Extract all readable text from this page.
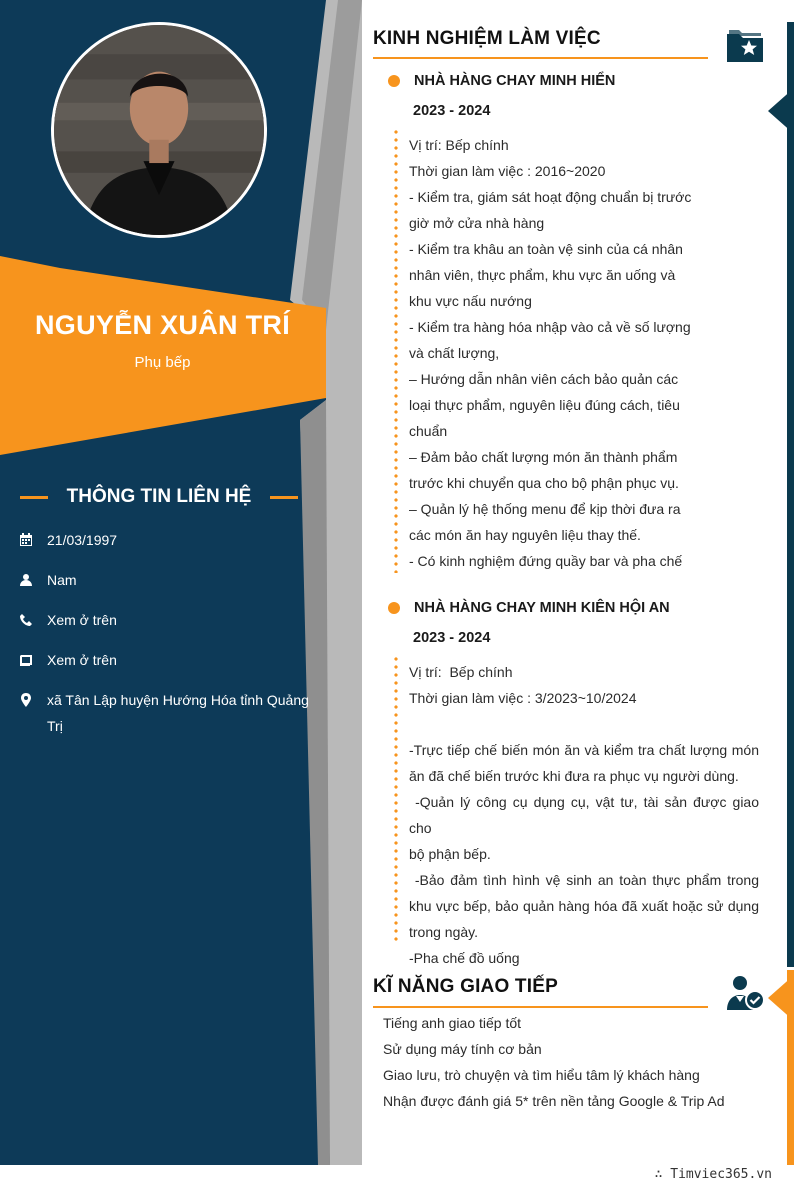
NGUYỄN XUÂN TRÍ
Phụ bếp
THÔNG TIN LIÊN HỆ
21/03/1997
Nam
Xem ở trên
Xem ở trên
xã Tân Lập huyện Hướng Hóa tỉnh Quảng Trị
KINH NGHIỆM LÀM VIỆC
NHÀ HÀNG CHAY MINH HIỂN
2023 - 2024

Vị trí: Bếp chính

Thời gian làm việc : 2016~2020

- Kiểm tra, giám sát hoạt động chuẩn bị trước

giờ mở cửa nhà hàng

- Kiểm tra khâu an toàn vệ sinh của cá nhân

nhân viên, thực phẩm, khu vực ăn uống và

khu vực nấu nướng

- Kiểm tra hàng hóa nhập vào cả về số lượng

và chất lượng,

– Hướng dẫn nhân viên cách bảo quản các

loại thực phẩm, nguyên liệu đúng cách, tiêu

chuẩn

– Đảm bảo chất lượng món ăn thành phẩm

trước khi chuyển qua cho bộ phận phục vụ.

– Quản lý hệ thống menu để kịp thời đưa ra

các món ăn hay nguyên liệu thay thế.

- Có kinh nghiệm đứng quầy bar và pha chế

NHÀ HÀNG CHAY MINH KIÊN HỘI AN
2023 - 2024

Vị trí:  Bếp chính

Thời gian làm việc : 3/2023~10/2024

-Trực tiếp chế biến món ăn và kiểm tra chất lượng món

ăn đã chế biến trước khi đưa ra phục vụ người dùng.

-Quản lý công cụ dụng cụ, vật tư, tài sản được giao cho

bộ phận bếp.

-Bảo đảm tình hình vệ sinh an toàn thực phẩm trong

khu vực bếp, bảo quản hàng hóa đã xuất hoặc sử dụng

trong ngày.

-Pha chế đồ uống

KĨ NĂNG GIAO TIẾP
Tiếng anh giao tiếp tốt
Sử dụng máy tính cơ bản
Giao lưu, trò chuyện và tìm hiểu tâm lý khách hàng
Nhận được đánh giá 5* trên nền tảng Google & Trip Ad
∴ Timviec365.vn
